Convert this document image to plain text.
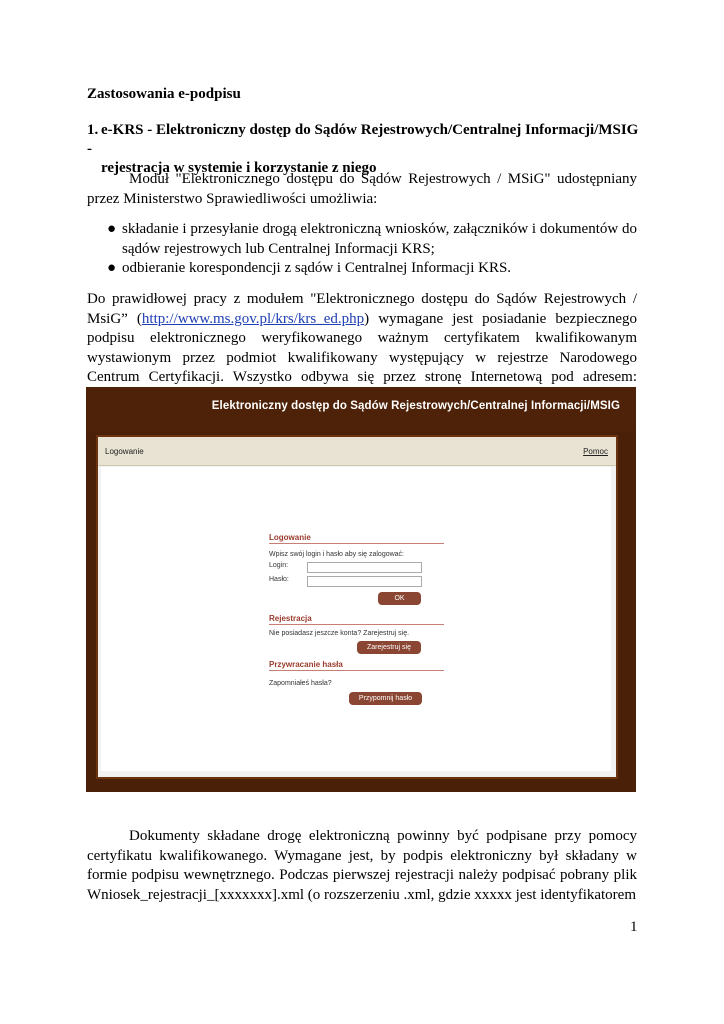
Zastosowania e-podpisu
1. e-KRS - Elektroniczny dostęp do Sądów Rejestrowych/Centralnej Informacji/MSIG -
rejestracja w systemie i korzystanie z niego
Moduł "Elektronicznego dostępu do Sądów Rejestrowych / MSiG" udostępniany przez Ministerstwo Sprawiedliwości umożliwia:
● składanie i przesyłanie drogą elektroniczną wniosków, załączników i dokumentów do sądów rejestrowych lub Centralnej Informacji KRS;
● odbieranie korespondencji z sądów i Centralnej Informacji KRS.
Do prawidłowej pracy z modułem "Elektronicznego dostępu do Sądów Rejestrowych / MsiG” (http://www.ms.gov.pl/krs/krs_ed.php) wymagane jest posiadanie bezpiecznego podpisu elektronicznego weryfikowanego ważnym certyfikatem kwalifikowanym wystawionym przez podmiot kwalifikowany występujący w rejestrze Narodowego Centrum Certyfikacji. Wszystko odbywa się przez stronę Internetową pod adresem:
Elektroniczny dostęp do Sądów Rejestrowych/Centralnej Informacji/MSIG
Logowanie	Pomoc
Logowanie
Wpisz swój login i hasło aby się zalogować:
Login:
Hasło:
OK
Rejestracja
Nie posiadasz jeszcze konta? Zarejestruj się.
Zarejestruj się
Przywracanie hasła
Zapomniałeś hasła?
Przypomnij hasło
Dokumenty składane drogę elektroniczną powinny być podpisane przy pomocy certyfikatu kwalifikowanego. Wymagane jest, by podpis elektroniczny był składany w formie podpisu wewnętrznego. Podczas pierwszej rejestracji należy podpisać pobrany plik Wniosek_rejestracji_[xxxxxxx].xml (o rozszerzeniu .xml, gdzie xxxxx jest identyfikatorem
1
